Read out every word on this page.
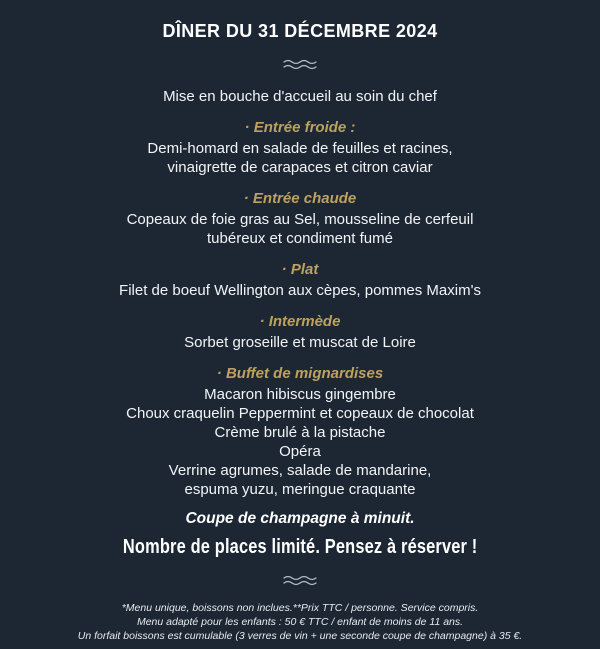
DÎNER DU 31 DÉCEMBRE 2024
Mise en bouche d'accueil au soin du chef
· Entrée froide :
Demi-homard en salade de feuilles et racines,
vinaigrette de carapaces et citron caviar
· Entrée chaude
Copeaux de foie gras au Sel, mousseline de cerfeuil
tubéreux et condiment fumé
· Plat
Filet de boeuf Wellington aux cèpes, pommes Maxim's
· Intermède
Sorbet groseille et muscat de Loire
· Buffet de mignardises
Macaron hibiscus gingembre
Choux craquelin Peppermint et copeaux de chocolat
Crème brulé à la pistache
Opéra
Verrine agrumes, salade de mandarine,
espuma yuzu, meringue craquante
Coupe de champagne à minuit.
Nombre de places limité. Pensez à réserver !
*Menu unique, boissons non inclues.**Prix TTC / personne. Service compris.
Menu adapté pour les enfants : 50 € TTC / enfant de moins de 11 ans.
Un forfait boissons est cumulable (3 verres de vin + une seconde coupe de champagne) à 35 €.
